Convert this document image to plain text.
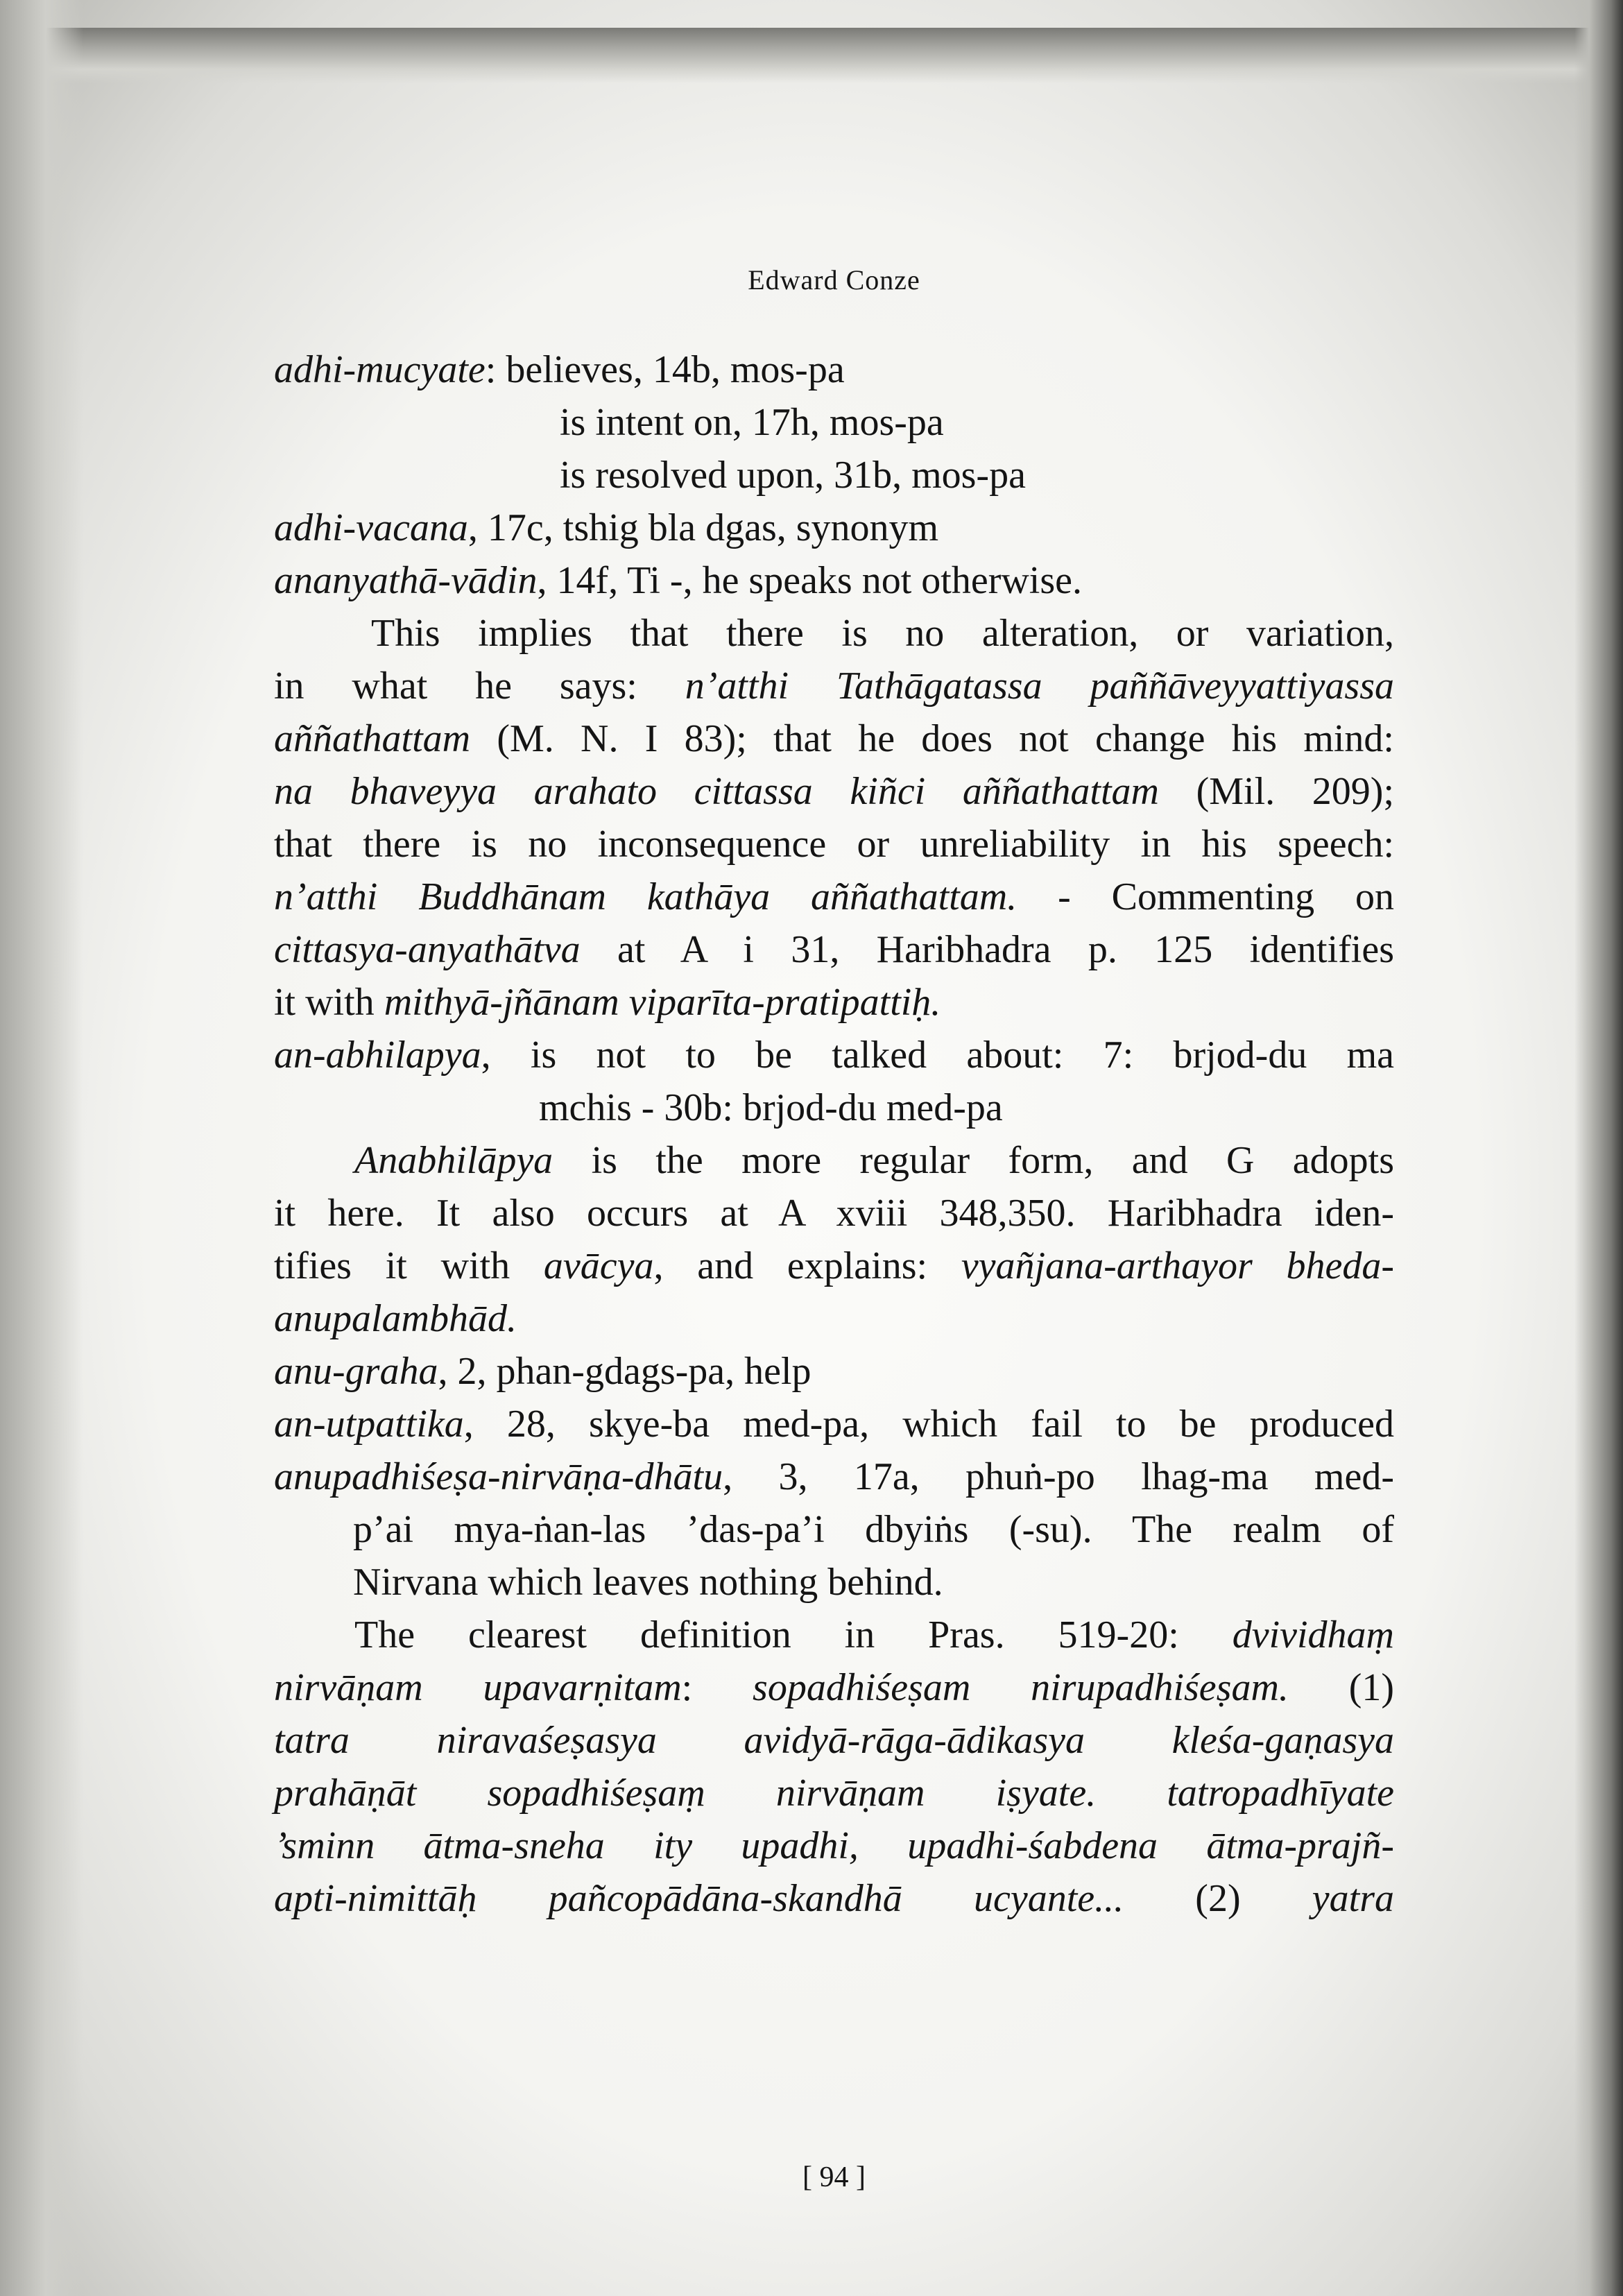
Edward Conze
adhi-mucyate: believes, 14b, mos-pa
is intent on, 17h, mos-pa
is resolved upon, 31b, mos-pa
adhi-vacana, 17c, tshig bla dgas, synonym
ananyathā-vādin, 14f, Ti -, he speaks not otherwise.
This implies that there is no alteration, or variation,
in what he says: n’atthi Tathāgatassa paññāveyyattiyassa
aññathattam (M. N. I 83); that he does not change his mind:
na bhaveyya arahato cittassa kiñci aññathattam (Mil. 209);
that there is no inconsequence or unreliability in his speech:
n’atthi Buddhānam kathāya aññathattam. - Commenting on
cittasya-anyathātva at A i 31, Haribhadra p. 125 identifies
it with mithyā-jñānam viparīta-pratipattiḥ.
an-abhilapya, is not to be talked about: 7: brjod-du ma
mchis - 30b: brjod-du med-pa
Anabhilāpya is the more regular form, and G adopts
it here. It also occurs at A xviii 348,350. Haribhadra iden-
tifies it with avācya, and explains: vyañjana-arthayor bheda-
anupalambhād.
anu-graha, 2, phan-gdags-pa, help
an-utpattika, 28, skye-ba med-pa, which fail to be produced
anupadhiśeṣa-nirvāṇa-dhātu, 3, 17a, phuṅ-po lhag-ma med-
p’ai mya-ṅan-las ’das-pa’i dbyiṅs (-su). The realm of
Nirvana which leaves nothing behind.
The clearest definition in Pras. 519-20: dvividhaṃ
nirvāṇam upavarṇitam: sopadhiśeṣam nirupadhiśeṣam. (1)
tatra niravaśeṣasya avidyā-rāga-ādikasya kleśa-gaṇasya
prahāṇāt sopadhiśeṣaṃ nirvāṇam iṣyate. tatropadhīyate
’sminn ātma-sneha ity upadhi, upadhi-śabdena ātma-prajñ-
apti-nimittāḥ pañcopādāna-skandhā ucyante... (2) yatra
[ 94 ]
